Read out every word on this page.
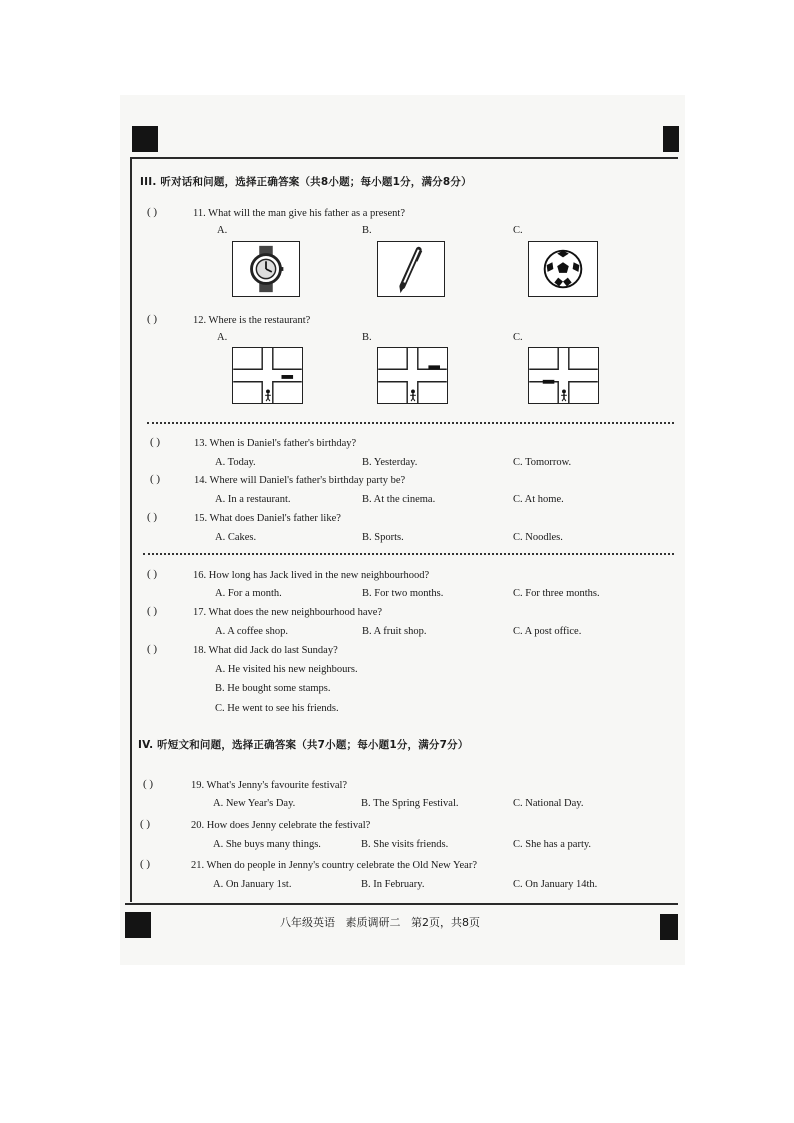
III. 听对话和问题，选择正确答案（共8小题；每小题1分，满分8分）
( )	11. What will the man give his father as a present?
A.	B.	C.
( )	12. Where is the restaurant?
A.	B.	C.
( )	13. When is Daniel's father's birthday?
A. Today.	B. Yesterday.	C. Tomorrow.
( )	14. Where will Daniel's father's birthday party be?
A. In a restaurant.	B. At the cinema.	C. At home.
( )	15. What does Daniel's father like?
A. Cakes.	B. Sports.	C. Noodles.
( )	16. How long has Jack lived in the new neighbourhood?
A. For a month.	B. For two months.	C. For three months.
( )	17. What does the new neighbourhood have?
A. A coffee shop.	B. A fruit shop.	C. A post office.
( )	18. What did Jack do last Sunday?
A. He visited his new neighbours.
B. He bought some stamps.
C. He went to see his friends.
IV. 听短文和问题，选择正确答案（共7小题；每小题1分，满分7分）
( )	19. What's Jenny's favourite festival?
A. New Year's Day.	B. The Spring Festival.	C. National Day.
( )	20. How does Jenny celebrate the festival?
A. She buys many things.	B. She visits friends.	C. She has a party.
( )	21. When do people in Jenny's country celebrate the Old New Year?
A. On January 1st.	B. In February.	C. On January 14th.
八年级英语   素质调研二   第2页，共8页
